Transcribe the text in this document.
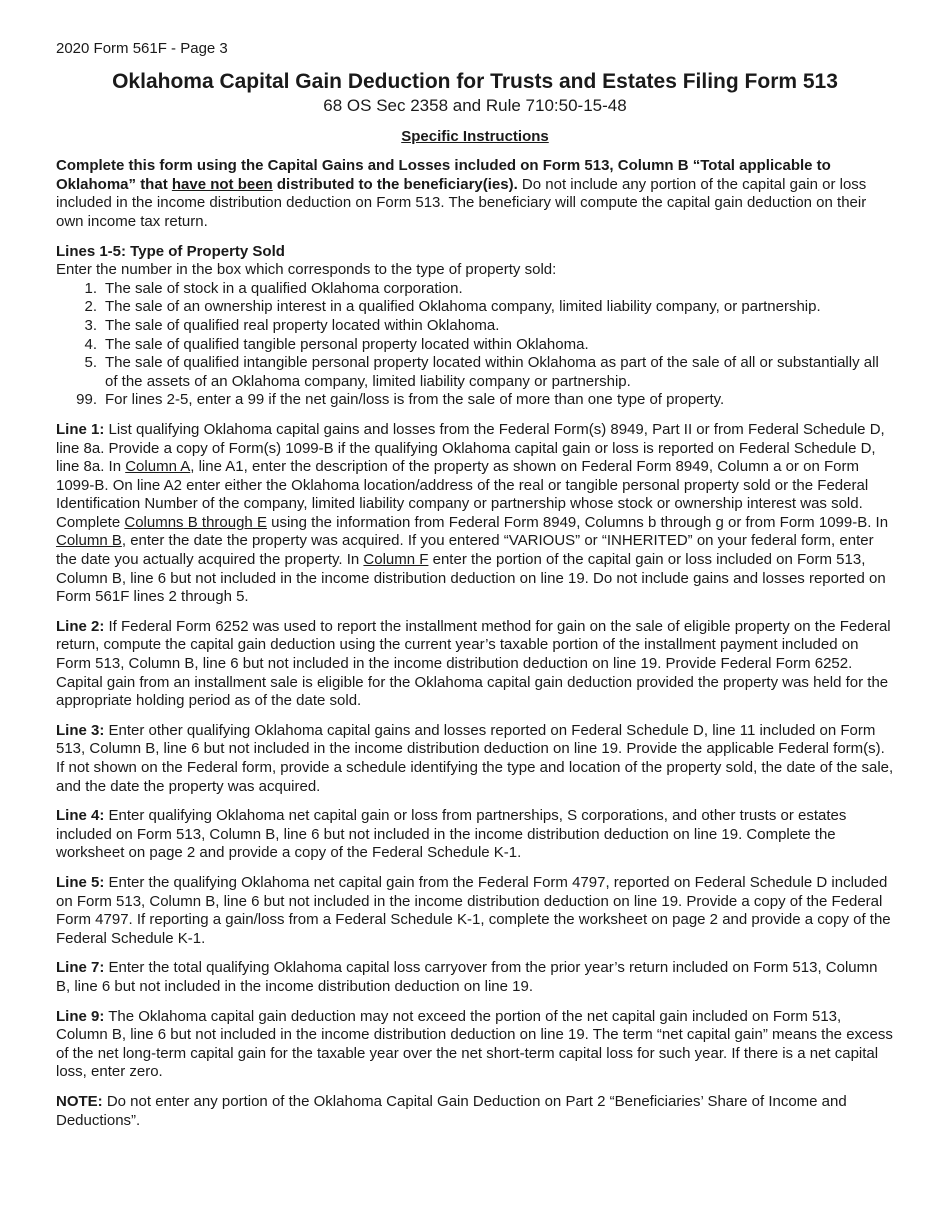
2020 Form 561F - Page 3

Oklahoma Capital Gain Deduction for Trusts and Estates Filing Form 513

68 OS Sec 2358 and Rule 710:50-15-48

Specific Instructions

Complete this form using the Capital Gains and Losses included on Form 513, Column B “Total applicable to Oklahoma” that have not been distributed to the beneficiary(ies). Do not include any portion of the capital gain or loss included in the income distribution deduction on Form 513. The beneficiary will compute the capital gain deduction on their own income tax return.

Lines 1-5: Type of Property Sold

Enter the number in the box which corresponds to the type of property sold:

1. The sale of stock in a qualified Oklahoma corporation.
2. The sale of an ownership interest in a qualified Oklahoma company, limited liability company, or partnership.
3. The sale of qualified real property located within Oklahoma.
4. The sale of qualified tangible personal property located within Oklahoma.
5. The sale of qualified intangible personal property located within Oklahoma as part of the sale of all or substantially all of the assets of an Oklahoma company, limited liability company or partnership.
99. For lines 2-5, enter a 99 if the net gain/loss is from the sale of more than one type of property.

Line 1: List qualifying Oklahoma capital gains and losses from the Federal Form(s) 8949, Part II or from Federal Schedule D, line 8a. Provide a copy of Form(s) 1099-B if the qualifying Oklahoma capital gain or loss is reported on Federal Schedule D, line 8a. In Column A, line A1, enter the description of the property as shown on Federal Form 8949, Column a or on Form 1099-B. On line A2 enter either the Oklahoma location/address of the real or tangible personal property sold or the Federal Identification Number of the company, limited liability company or partnership whose stock or ownership interest was sold. Complete Columns B through E using the information from Federal Form 8949, Columns b through g or from Form 1099-B. In Column B, enter the date the property was acquired. If you entered “VARIOUS” or “INHERITED” on your federal form, enter the date you actually acquired the property. In Column F enter the portion of the capital gain or loss included on Form 513, Column B, line 6 but not included in the income distribution deduction on line 19. Do not include gains and losses reported on Form 561F lines 2 through 5.

Line 2: If Federal Form 6252 was used to report the installment method for gain on the sale of eligible property on the Federal return, compute the capital gain deduction using the current year’s taxable portion of the installment payment included on Form 513, Column B, line 6 but not included in the income distribution deduction on line 19. Provide Federal Form 6252. Capital gain from an installment sale is eligible for the Oklahoma capital gain deduction provided the property was held for the appropriate holding period as of the date sold.

Line 3: Enter other qualifying Oklahoma capital gains and losses reported on Federal Schedule D, line 11 included on Form 513, Column B, line 6 but not included in the income distribution deduction on line 19. Provide the applicable Federal form(s). If not shown on the Federal form, provide a schedule identifying the type and location of the property sold, the date of the sale, and the date the property was acquired.

Line 4: Enter qualifying Oklahoma net capital gain or loss from partnerships, S corporations, and other trusts or estates included on Form 513, Column B, line 6 but not included in the income distribution deduction on line 19. Complete the worksheet on page 2 and provide a copy of the Federal Schedule K-1.

Line 5: Enter the qualifying Oklahoma net capital gain from the Federal Form 4797, reported on Federal Schedule D included on Form 513, Column B, line 6 but not included in the income distribution deduction on line 19. Provide a copy of the Federal Form 4797. If reporting a gain/loss from a Federal Schedule K-1, complete the worksheet on page 2 and provide a copy of the Federal Schedule K-1.

Line 7: Enter the total qualifying Oklahoma capital loss carryover from the prior year’s return included on Form 513, Column B, line 6 but not included in the income distribution deduction on line 19.

Line 9: The Oklahoma capital gain deduction may not exceed the portion of the net capital gain included on Form 513, Column B, line 6 but not included in the income distribution deduction on line 19. The term “net capital gain” means the excess of the net long-term capital gain for the taxable year over the net short-term capital loss for such year. If there is a net capital loss, enter zero.

NOTE: Do not enter any portion of the Oklahoma Capital Gain Deduction on Part 2 “Beneficiaries’ Share of Income and Deductions”.
